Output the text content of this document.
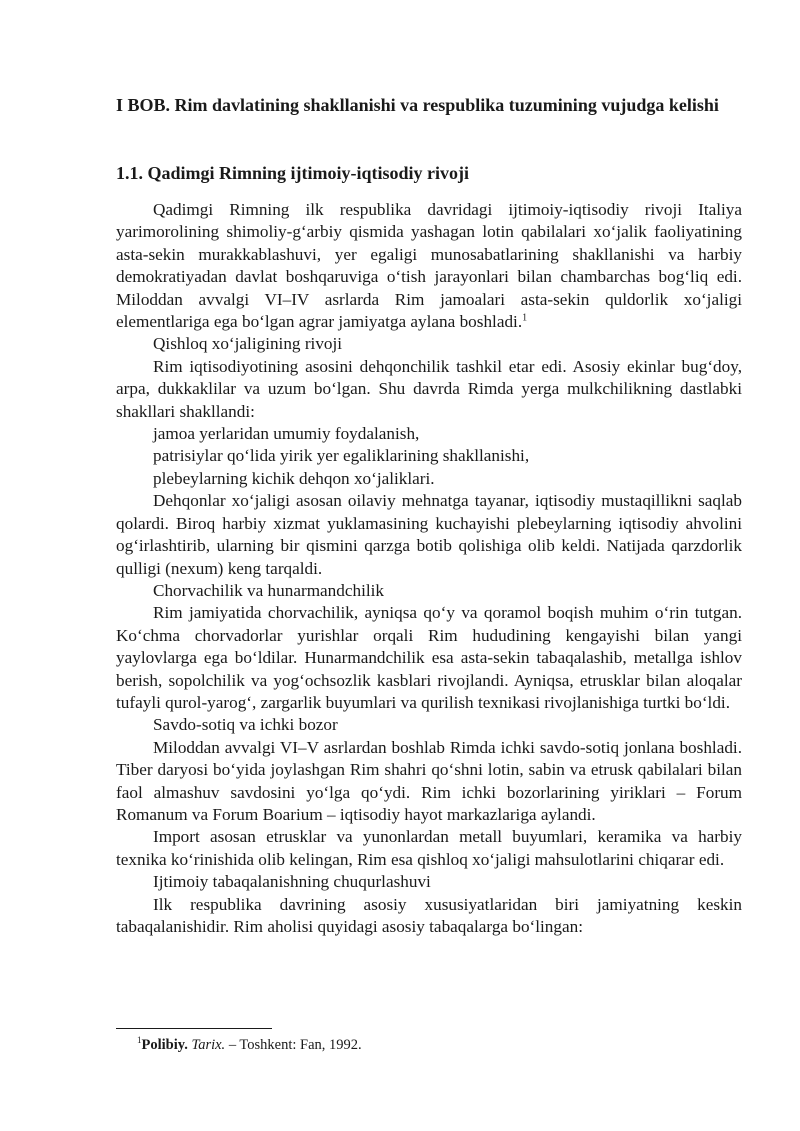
I BOB. Rim davlatining shakllanishi va respublika tuzumining vujudga kelishi
1.1. Qadimgi Rimning ijtimoiy-iqtisodiy rivoji

Qadimgi Rimning ilk respublika davridagi ijtimoiy-iqtisodiy rivoji Italiya yarimorolining shimoliy-g‘arbiy qismida yashagan lotin qabilalari xo‘jalik faoliyatining asta-sekin murakkablashuvi, yer egaligi munosabatlarining shakllanishi va harbiy demokratiyadan davlat boshqaruviga o‘tish jarayonlari bilan chambarchas bog‘liq edi. Miloddan avvalgi VI–IV asrlarda Rim jamoalari asta-sekin quldorlik xo‘jaligi elementlariga ega bo‘lgan agrar jamiyatga aylana boshladi.$^1$

Qishloq xo‘jaligining rivoji

Rim iqtisodiyotining asosini dehqonchilik tashkil etar edi. Asosiy ekinlar bug‘doy, arpa, dukkaklilar va uzum bo‘lgan. Shu davrda Rimda yerga mulkchilikning dastlabki shakllari shakllandi:

jamoa yerlaridan umumiy foydalanish,

patrisiylar qo‘lida yirik yer egaliklarining shakllanishi,

plebeylarning kichik dehqon xo‘jaliklari.

Dehqonlar xo‘jaligi asosan oilaviy mehnatga tayanar, iqtisodiy mustaqillikni saqlab qolardi. Biroq harbiy xizmat yuklamasining kuchayishi plebeylarning iqtisodiy ahvolini og‘irlashtirib, ularning bir qismini qarzga botib qolishiga olib keldi. Natijada qarzdorlik qulligi (nexum) keng tarqaldi.

Chorvachilik va hunarmandchilik

Rim jamiyatida chorvachilik, ayniqsa qo‘y va qoramol boqish muhim o‘rin tutgan. Ko‘chma chorvadorlar yurishlar orqali Rim hududining kengayishi bilan yangi yaylovlarga ega bo‘ldilar. Hunarmandchilik esa asta-sekin tabaqalashib, metallga ishlov berish, sopolchilik va yog‘ochsozlik kasblari rivojlandi. Ayniqsa, etrusklar bilan aloqalar tufayli qurol-yarog‘, zargarlik buyumlari va qurilish texnikasi rivojlanishiga turtki bo‘ldi.

Savdo-sotiq va ichki bozor

Miloddan avvalgi VI–V asrlardan boshlab Rimda ichki savdo-sotiq jonlana boshladi. Tiber daryosi bo‘yida joylashgan Rim shahri qo‘shni lotin, sabin va etrusk qabilalari bilan faol almashuv savdosini yo‘lga qo‘ydi. Rim ichki bozorlarining yiriklari – Forum Romanum va Forum Boarium – iqtisodiy hayot markazlariga aylandi.

Import asosan etrusklar va yunonlardan metall buyumlari, keramika va harbiy texnika ko‘rinishida olib kelingan, Rim esa qishloq xo‘jaligi mahsulotlarini chiqarar edi.

Ijtimoiy tabaqalanishning chuqurlashuvi

Ilk respublika davrining asosiy xususiyatlaridan biri jamiyatning keskin tabaqalanishidir. Rim aholisi quyidagi asosiy tabaqalarga bo‘lingan:

$^1$Polibiy. Tarix. – Toshkent: Fan, 1992.
